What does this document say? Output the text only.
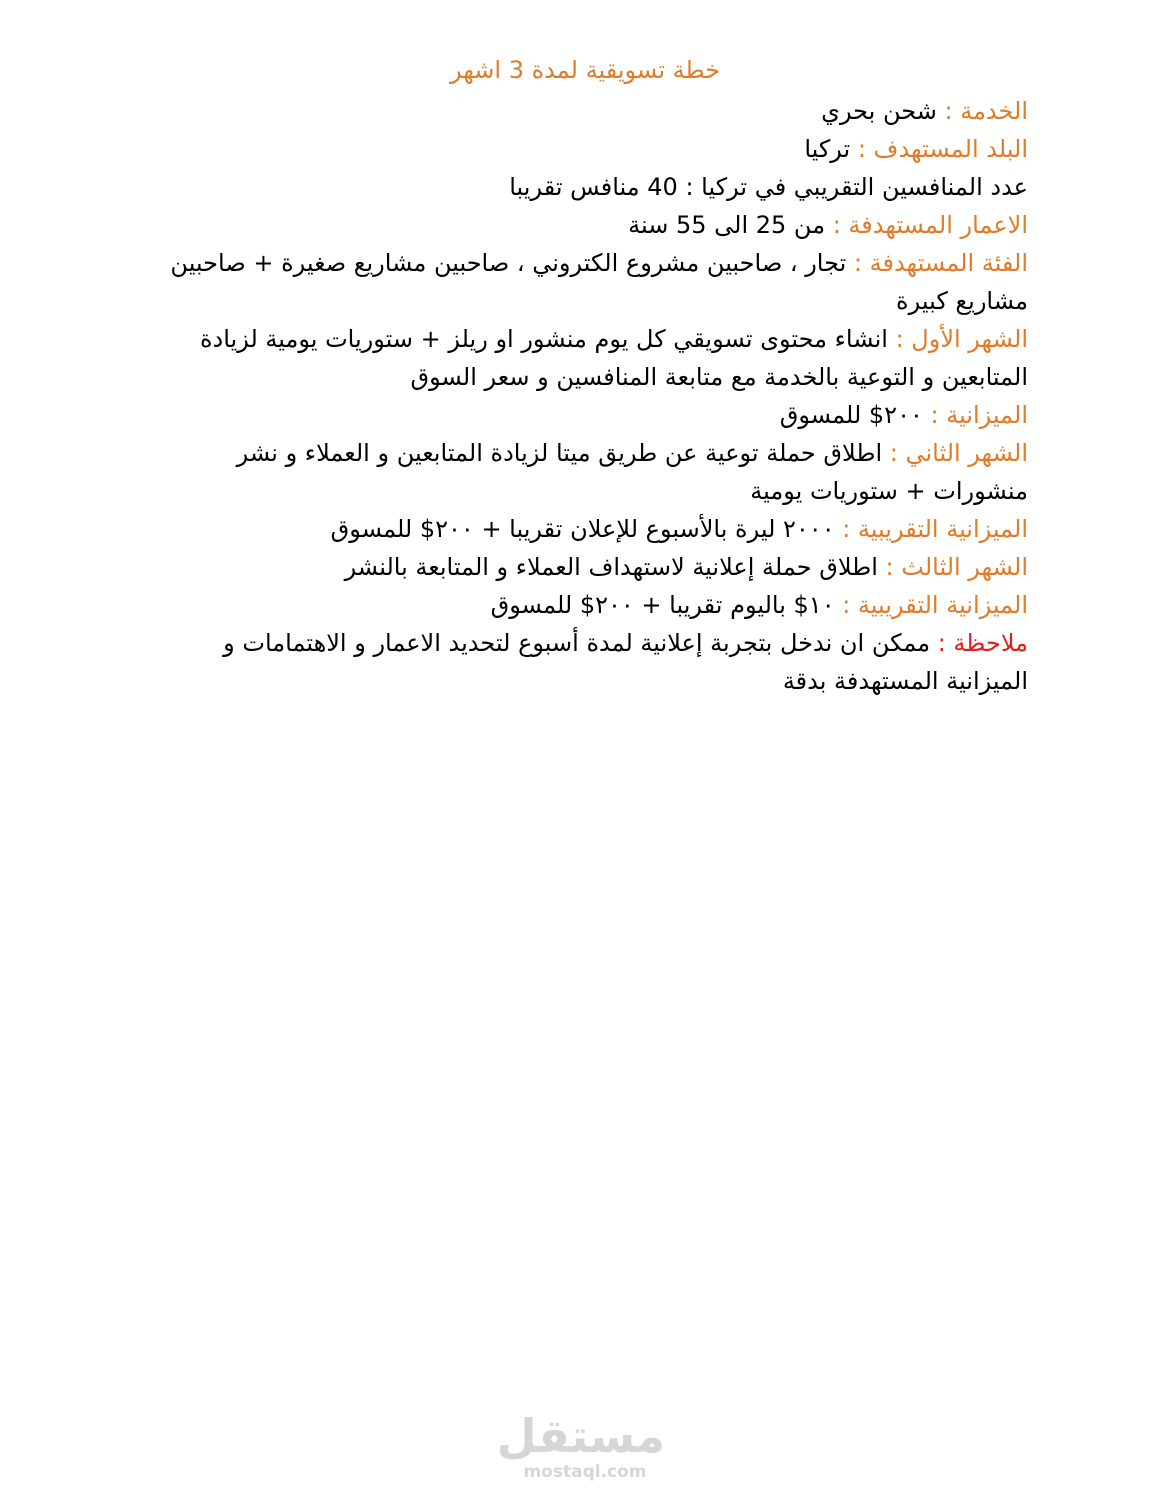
خطة تسويقية لمدة 3 اشهر

الخدمة : شحن بحري

البلد المستهدف : تركيا

عدد المنافسين التقريبي في تركيا : 40 منافس تقريبا

الاعمار المستهدفة : من 25 الى 55 سنة

الفئة المستهدفة : تجار ، صاحبين مشروع الكتروني ، صاحبين مشاريع صغيرة + صاحبين مشاريع كبيرة

الشهر الأول : انشاء محتوى تسويقي كل يوم منشور او ريلز + ستوريات يومية لزيادة المتابعين و التوعية بالخدمة مع متابعة المنافسين و سعر السوق

الميزانية : ٢٠٠$ للمسوق

الشهر الثاني : اطلاق حملة توعية عن طريق ميتا لزيادة المتابعين و العملاء و نشر منشورات + ستوريات يومية

الميزانية التقريبية : ٢٠٠٠ ليرة بالأسبوع للإعلان تقريبا + ٢٠٠$ للمسوق

الشهر الثالث : اطلاق حملة إعلانية لاستهداف العملاء و المتابعة بالنشر

الميزانية التقريبية : ١٠$ باليوم تقريبا + ٢٠٠$ للمسوق

ملاحظة : ممكن ان ندخل بتجربة إعلانية لمدة أسبوع لتحديد الاعمار و الاهتمامات و الميزانية المستهدفة بدقة

مستقل
mostaql.com
